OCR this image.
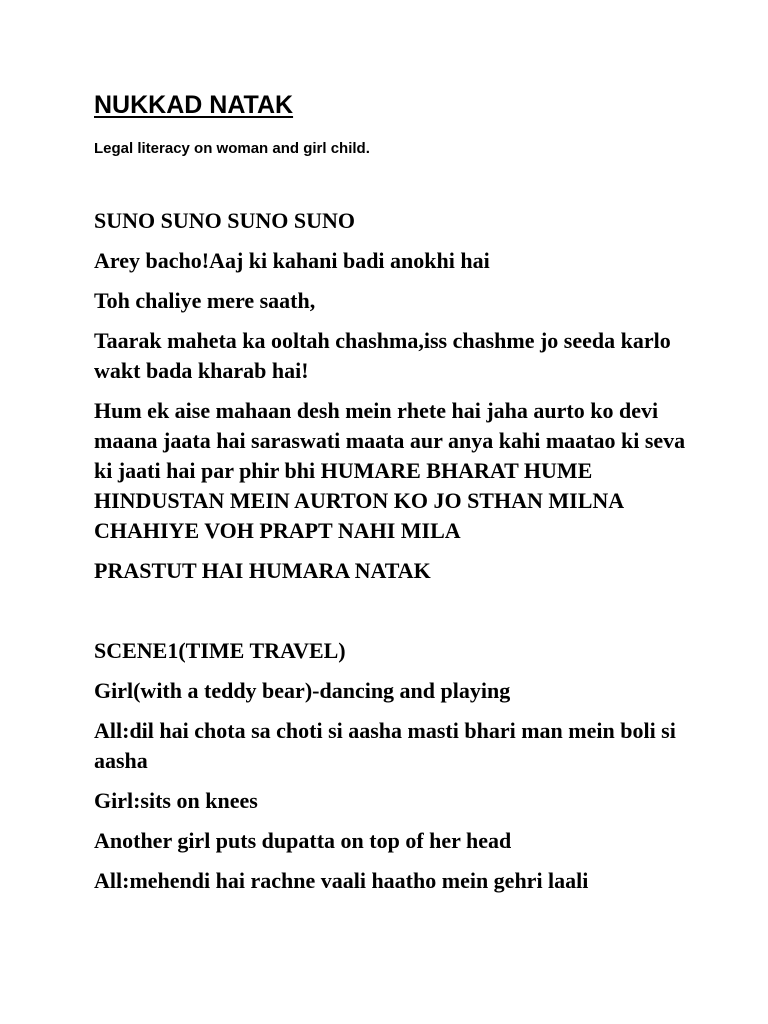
NUKKAD NATAK

Legal literacy on woman and girl child.

SUNO SUNO SUNO SUNO

Arey bacho!Aaj ki kahani badi anokhi hai

Toh chaliye mere saath,

Taarak maheta ka ooltah chashma,iss chashme jo seeda karlo wakt bada kharab hai!

Hum ek aise mahaan desh mein rhete hai jaha aurto ko devi maana jaata hai saraswati maata aur anya kahi maatao ki seva ki jaati hai par phir bhi HUMARE BHARAT HUME HINDUSTAN MEIN AURTON KO JO STHAN MILNA CHAHIYE VOH PRAPT NAHI MILA

PRASTUT HAI HUMARA NATAK

SCENE1(TIME TRAVEL)

Girl(with a teddy bear)-dancing and playing

All:dil hai chota sa choti si aasha masti bhari man mein boli si aasha

Girl:sits on knees

Another girl puts dupatta on top of her head

All:mehendi hai rachne vaali haatho mein gehri laali
